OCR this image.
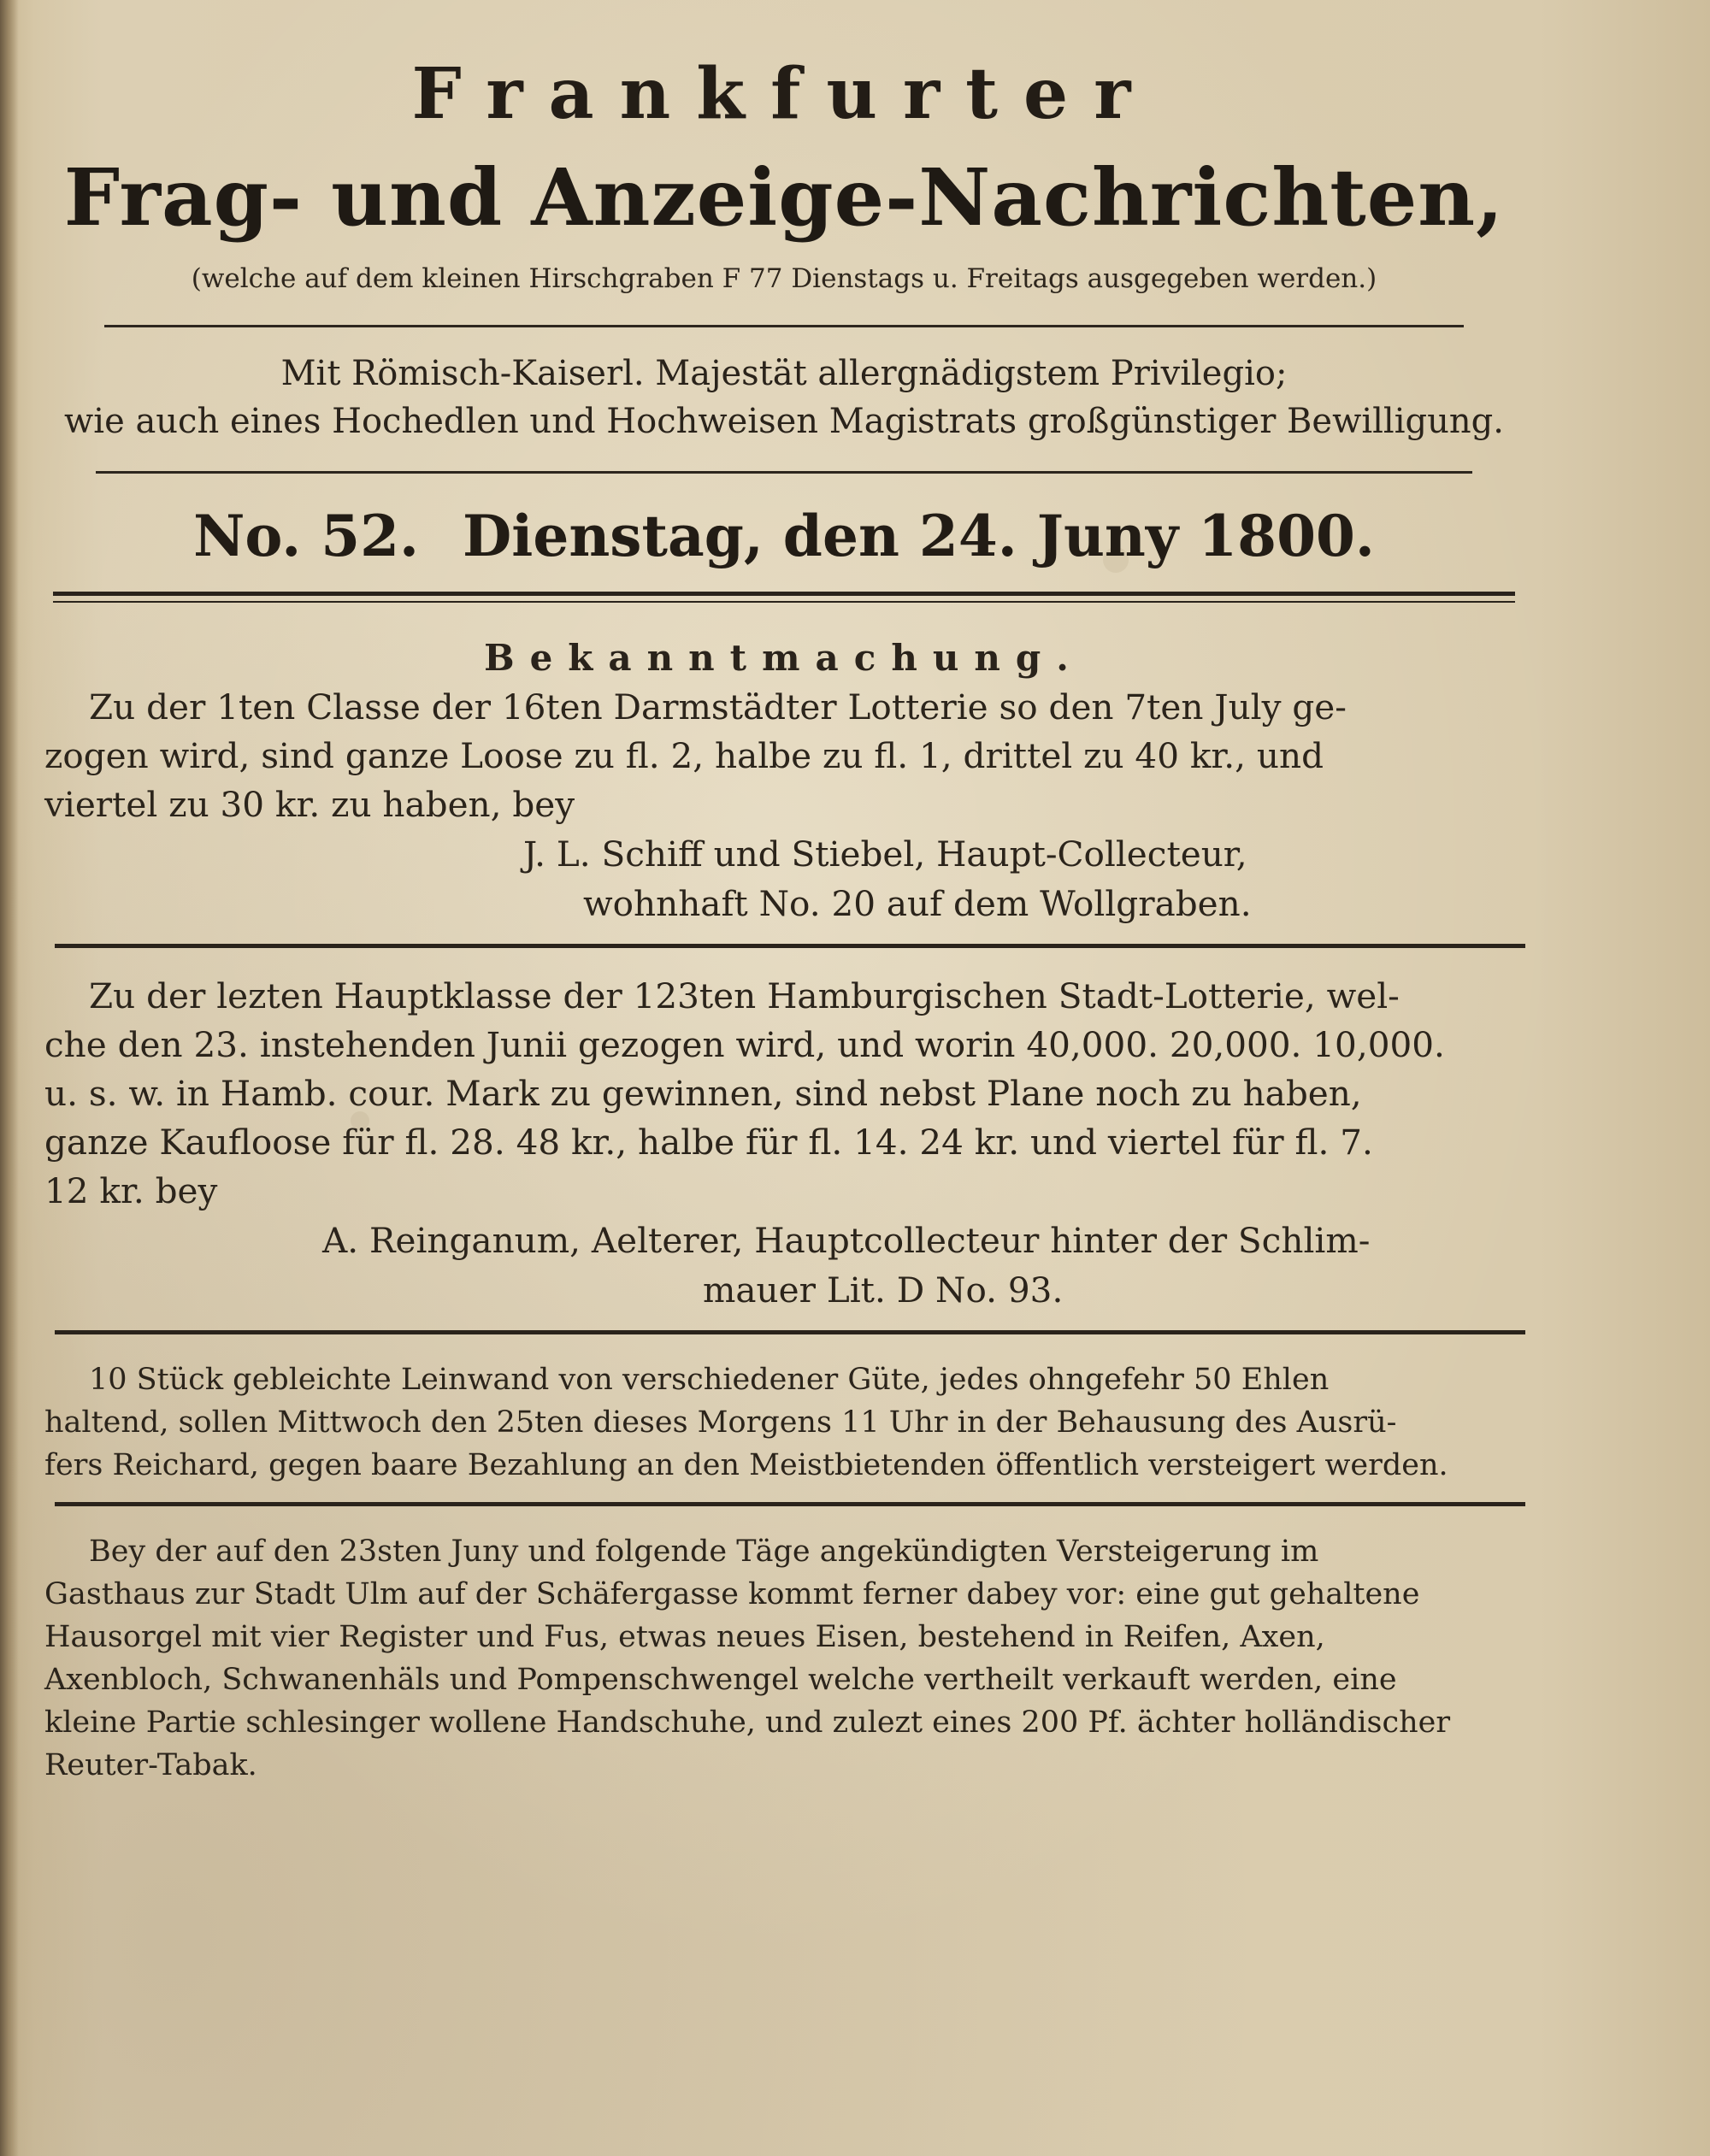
Frankfurter
Frag- und Anzeige-Nachrichten,
(welche auf dem kleinen Hirschgraben F 77 Dienstags u. Freitags ausgegeben werden.)
Mit Römisch-Kaiserl. Majestät allergnädigstem Privilegio;
wie auch eines Hochedlen und Hochweisen Magistrats großgünstiger Bewilligung.
No. 52. Dienstag, den 24. Juny 1800.
Bekanntmachung.
Zu der 1ten Classe der 16ten Darmstädter Lotterie so den 7ten July ge-
zogen wird, sind ganze Loose zu fl. 2, halbe zu fl. 1, drittel zu 40 kr., und
viertel zu 30 kr. zu haben, bey
J. L. Schiff und Stiebel, Haupt-Collecteur,
wohnhaft No. 20 auf dem Wollgraben.
Zu der lezten Hauptklasse der 123ten Hamburgischen Stadt-Lotterie, wel-
che den 23. instehenden Junii gezogen wird, und worin 40,000. 20,000. 10,000.
u. s. w. in Hamb. cour. Mark zu gewinnen, sind nebst Plane noch zu haben,
ganze Kaufloose für fl. 28. 48 kr., halbe für fl. 14. 24 kr. und viertel für fl. 7.
12 kr. bey
A. Reinganum, Aelterer, Hauptcollecteur hinter der Schlim-
mauer Lit. D No. 93.
10 Stück gebleichte Leinwand von verschiedener Güte, jedes ohngefehr 50 Ehlen
haltend, sollen Mittwoch den 25ten dieses Morgens 11 Uhr in der Behausung des Ausrü-
fers Reichard, gegen baare Bezahlung an den Meistbietenden öffentlich versteigert werden.
Bey der auf den 23sten Juny und folgende Täge angekündigten Versteigerung im
Gasthaus zur Stadt Ulm auf der Schäfergasse kommt ferner dabey vor: eine gut gehaltene
Hausorgel mit vier Register und Fus, etwas neues Eisen, bestehend in Reifen, Axen,
Axenbloch, Schwanenhäls und Pompenschwengel welche vertheilt verkauft werden, eine
kleine Partie schlesinger wollene Handschuhe, und zulezt eines 200 Pf. ächter holländischer
Reuter-Tabak.
